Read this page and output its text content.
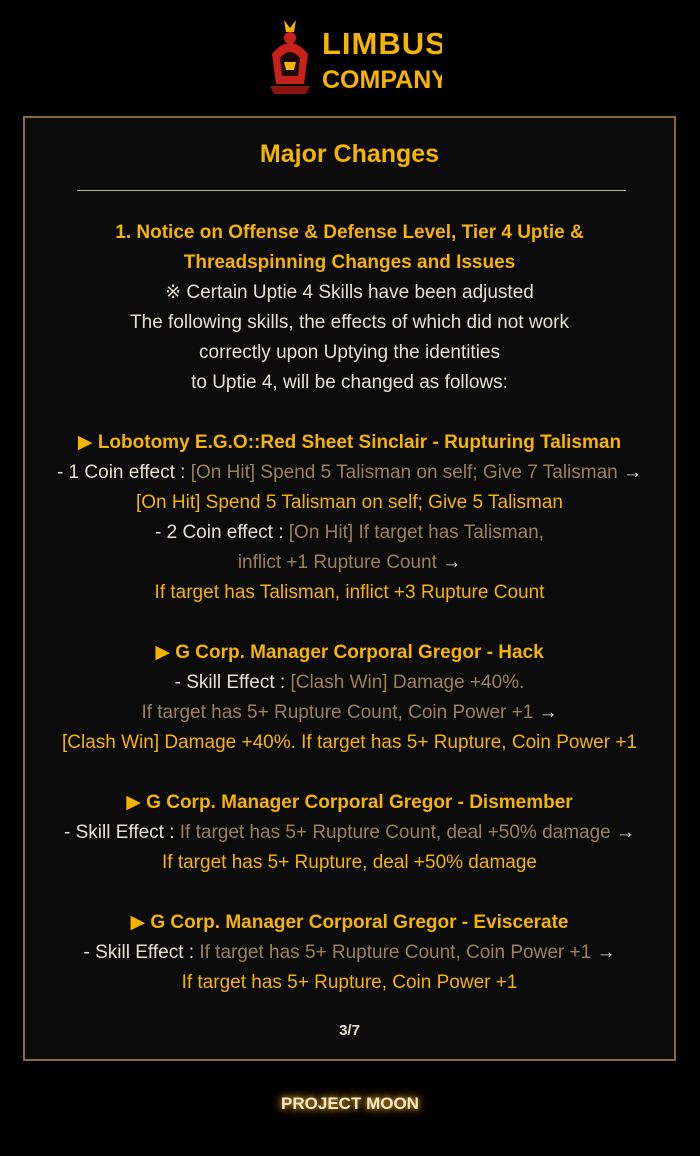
LIMBUS
COMPANY
Major Changes

1. Notice on Offense & Defense Level, Tier 4 Uptie &

Threadspinning Changes and Issues

※ Certain Uptie 4 Skills have been adjusted

The following skills, the effects of which did not work

correctly upon Uptying the identities

to Uptie 4, will be changed as follows:

▶ Lobotomy E.G.O::Red Sheet Sinclair - Rupturing Talisman

- 1 Coin effect : [On Hit] Spend 5 Talisman on self; Give 7 Talisman →

[On Hit] Spend 5 Talisman on self; Give 5 Talisman

- 2 Coin effect : [On Hit] If target has Talisman,

inflict +1 Rupture Count →

If target has Talisman, inflict +3 Rupture Count

▶ G Corp. Manager Corporal Gregor - Hack

- Skill Effect : [Clash Win] Damage +40%.

If target has 5+ Rupture Count, Coin Power +1 →

[Clash Win] Damage +40%. If target has 5+ Rupture, Coin Power +1

▶ G Corp. Manager Corporal Gregor - Dismember

- Skill Effect : If target has 5+ Rupture Count, deal +50% damage →

If target has 5+ Rupture, deal +50% damage

▶ G Corp. Manager Corporal Gregor - Eviscerate

- Skill Effect : If target has 5+ Rupture Count, Coin Power +1 →

If target has 5+ Rupture, Coin Power +1

3/7
PROJECT MOON
